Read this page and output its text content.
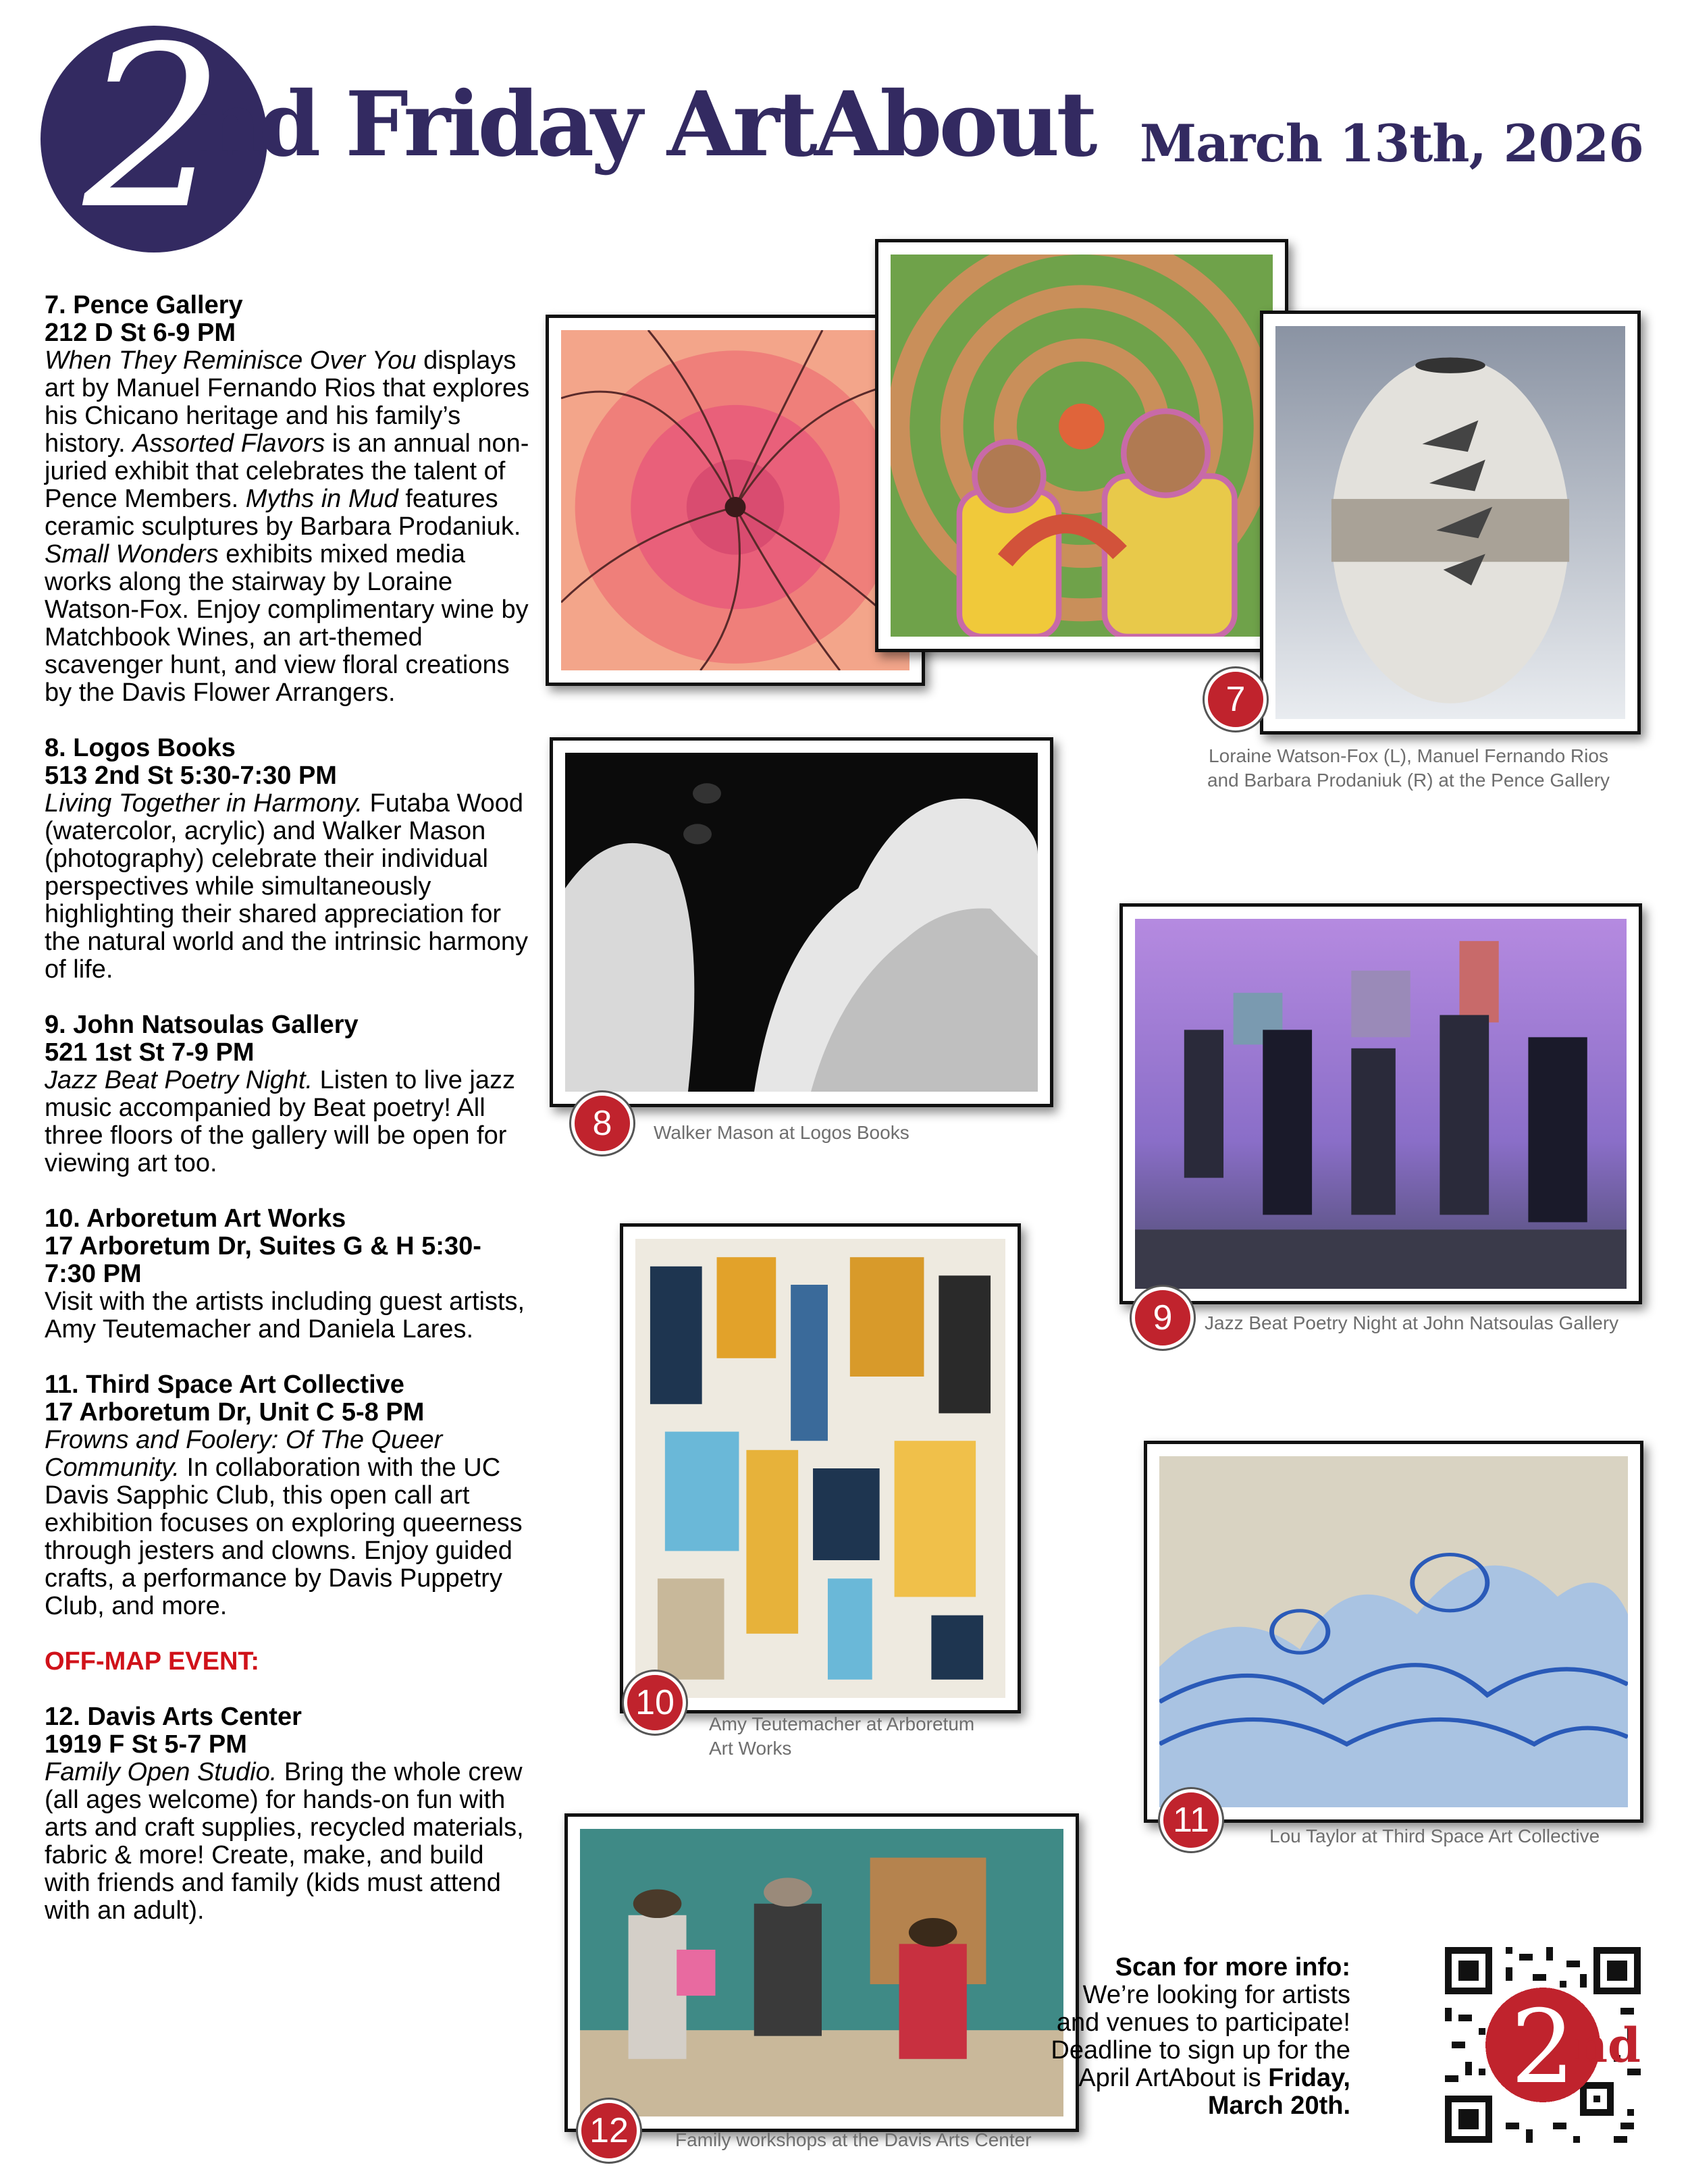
2
nd Friday ArtAbout March 13th, 2026
7. Pence Gallery
212 D St 6-9 PM
When They Reminisce Over You displays art by Manuel Fernando Rios that explores his Chicano heritage and his family’s history. Assorted Flavors is an annual non-juried exhibit that celebrates the talent of Pence Members. Myths in Mud features ceramic sculptures by Barbara Prodaniuk. Small Wonders exhibits mixed media works along the stairway by Loraine Watson-Fox. Enjoy complimentary wine by Matchbook Wines, an art-themed scavenger hunt, and view floral creations by the Davis Flower Arrangers.
8. Logos Books
513 2nd St 5:30-7:30 PM
Living Together in Harmony. Futaba Wood (watercolor, acrylic) and Walker Mason (photography) celebrate their individual perspectives while simultaneously highlighting their shared appreciation for the natural world and the intrinsic harmony of life.
9. John Natsoulas Gallery
521 1st St 7-9 PM
Jazz Beat Poetry Night. Listen to live jazz music accompanied by Beat poetry! All three floors of the gallery will be open for viewing art too.
10. Arboretum Art Works
17 Arboretum Dr, Suites G & H 5:30-7:30 PM
Visit with the artists including guest artists, Amy Teutemacher and Daniela Lares.
11. Third Space Art Collective
17 Arboretum Dr, Unit C 5-8 PM
Frowns and Foolery: Of The Queer Community. In collaboration with the UC Davis Sapphic Club, this open call art exhibition focuses on exploring queerness through jesters and clowns. Enjoy guided crafts, a performance by Davis Puppetry Club, and more.
OFF-MAP EVENT:
12. Davis Arts Center
1919 F St 5-7 PM
Family Open Studio. Bring the whole crew (all ages welcome) for hands-on fun with arts and craft supplies, recycled materials, fabric & more! Create, make, and build with friends and family (kids must attend with an adult).
7
Loraine Watson-Fox (L), Manuel Fernando Rios
and Barbara Prodaniuk (R) at the Pence Gallery
8	Walker Mason at Logos Books
9	Jazz Beat Poetry Night at John Natsoulas Gallery
10
Amy Teutemacher at Arboretum
Art Works
11	Lou Taylor at Third Space Art Collective
12	Family workshops at the Davis Arts Center
Scan for more info:
We’re looking for artists and venues to participate! Deadline to sign up for the April ArtAbout is Friday, March 20th.	2
nd
